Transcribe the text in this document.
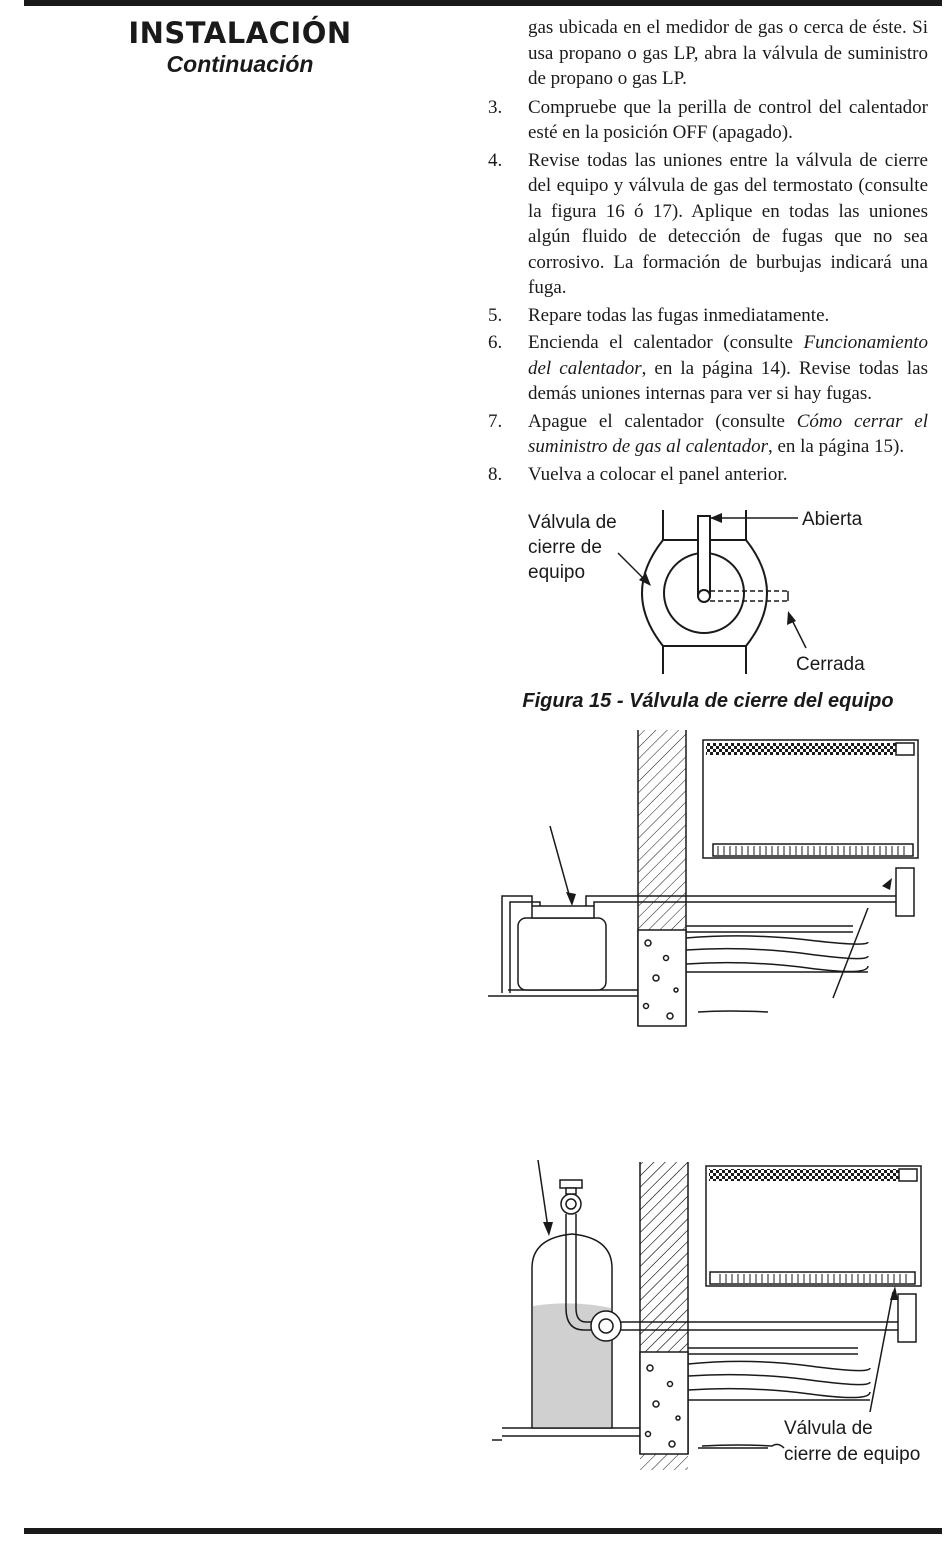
INSTALACIÓN
Continuación
gas ubicada en el medidor de gas o cerca de éste. Si usa propano o gas LP, abra la válvula de suministro de propano o gas LP.
3. Compruebe que la perilla de control del calentador esté en la posición OFF (apagado).
4. Revise todas las uniones entre la válvula de cierre del equipo y válvula de gas del termostato (consulte la figura 16 ó 17). Aplique en todas las uniones algún fluido de detección de fugas que no sea corrosivo. La formación de burbujas indicará una fuga.
5. Repare todas las fugas inmediatamente.
6. Encienda el calentador (consulte Funcionamiento del calentador, en la página 14). Revise todas las demás uniones internas para ver si hay fugas.
7. Apague el calentador (consulte Cómo cerrar el suministro de gas al calentador, en la página 15).
8. Vuelva a colocar el panel anterior.
Válvula de
cierre de
equipo
Abierta
Cerrada
Figura 15 - Válvula de cierre del equipo
Válvula de
cierre de equipo
